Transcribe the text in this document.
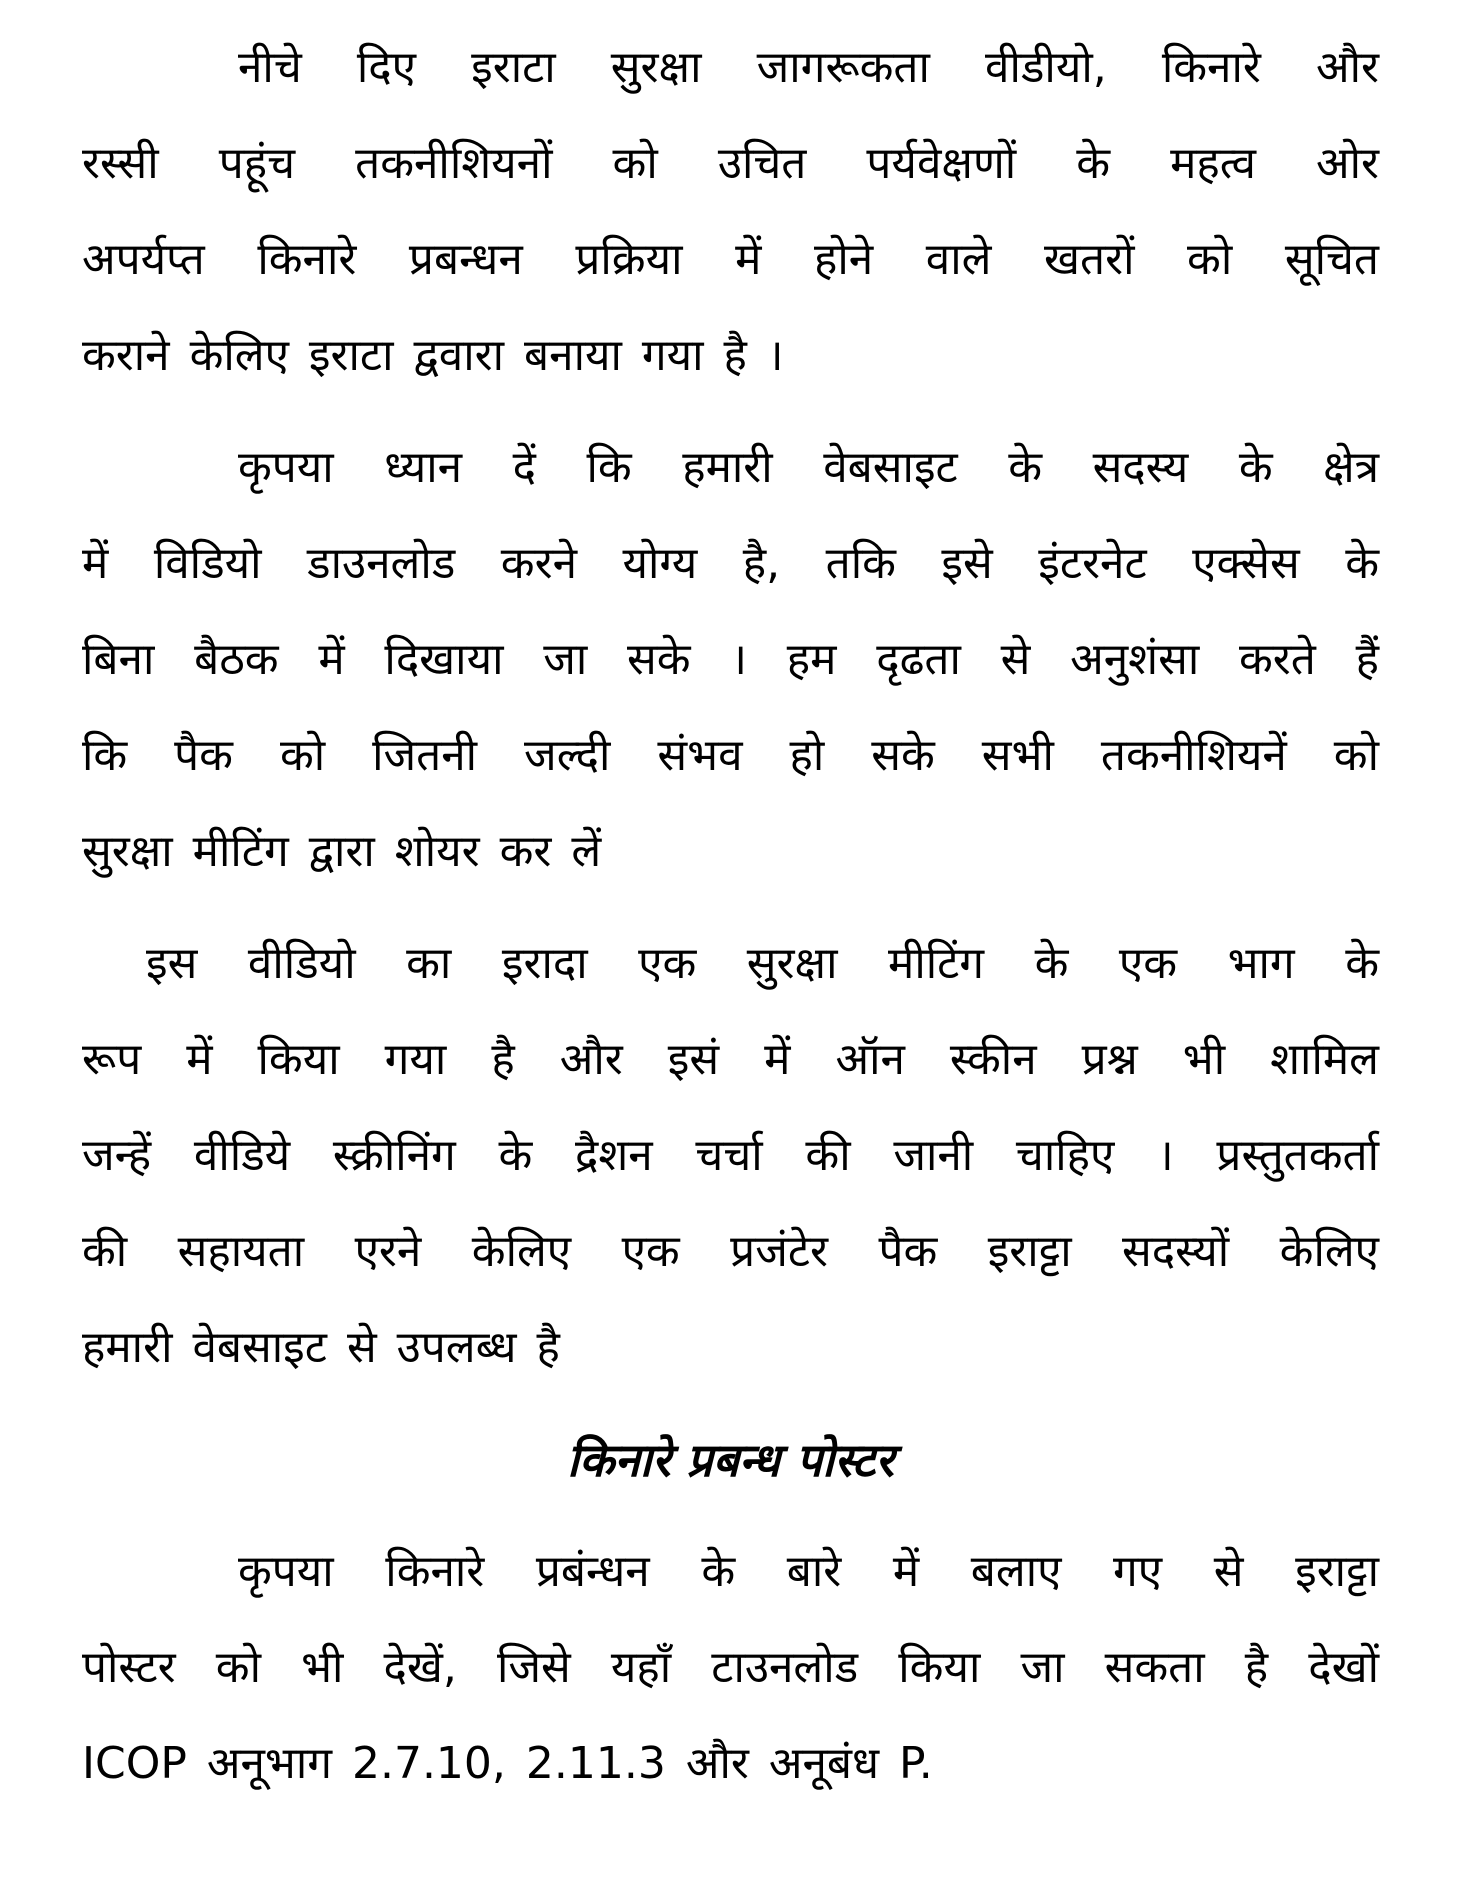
नीचे दिए इराटा सुरक्षा जागरूकता वीडीयो, किनारे और
रस्सी पहूंच तकनीशियनों को उचित पर्यवेक्षणों के महत्व ओर
अपर्यप्त किनारे प्रबन्धन प्रक्रिया में होने वाले खतरों को सूचित
कराने केलिए इराटा द्ववारा बनाया गया है ।
कृपया ध्यान दें कि हमारी वेबसाइट के सदस्य के क्षेत्र
में विडियो डाउनलोड करने योग्य है, तकि इसे इंटरनेट एक्सेस के
बिना बैठक में दिखाया जा सके । हम दृढता से अनुशंसा करते हैं
कि पैक को जितनी जल्दी संभव हो सके सभी तकनीशियनें को
सुरक्षा मीटिंग द्वारा शोयर कर लें
इस वीडियो का इरादा एक सुरक्षा मीटिंग के एक भाग के
रूप में किया गया है और इसं में ऑन स्कीन प्रश्न भी शामिल
जन्हें वीडिये स्क्रीनिंग के द्रैशन चर्चा की जानी चाहिए । प्रस्तुतकर्ता
की सहायता एरने केलिए एक प्रजंटेर पैक इराट्टा सदस्यों केलिए
हमारी वेबसाइट से उपलब्ध है
किनारे प्रबन्ध पोस्टर
कृपया किनारे प्रबंन्धन के बारे में बलाए गए से इराट्टा
पोस्टर को भी देखें, जिसे यहॉं टाउनलोड किया जा सकता है देखों
ICOP अनूभाग 2.7.10, 2.11.3 और अनूबंध P.
